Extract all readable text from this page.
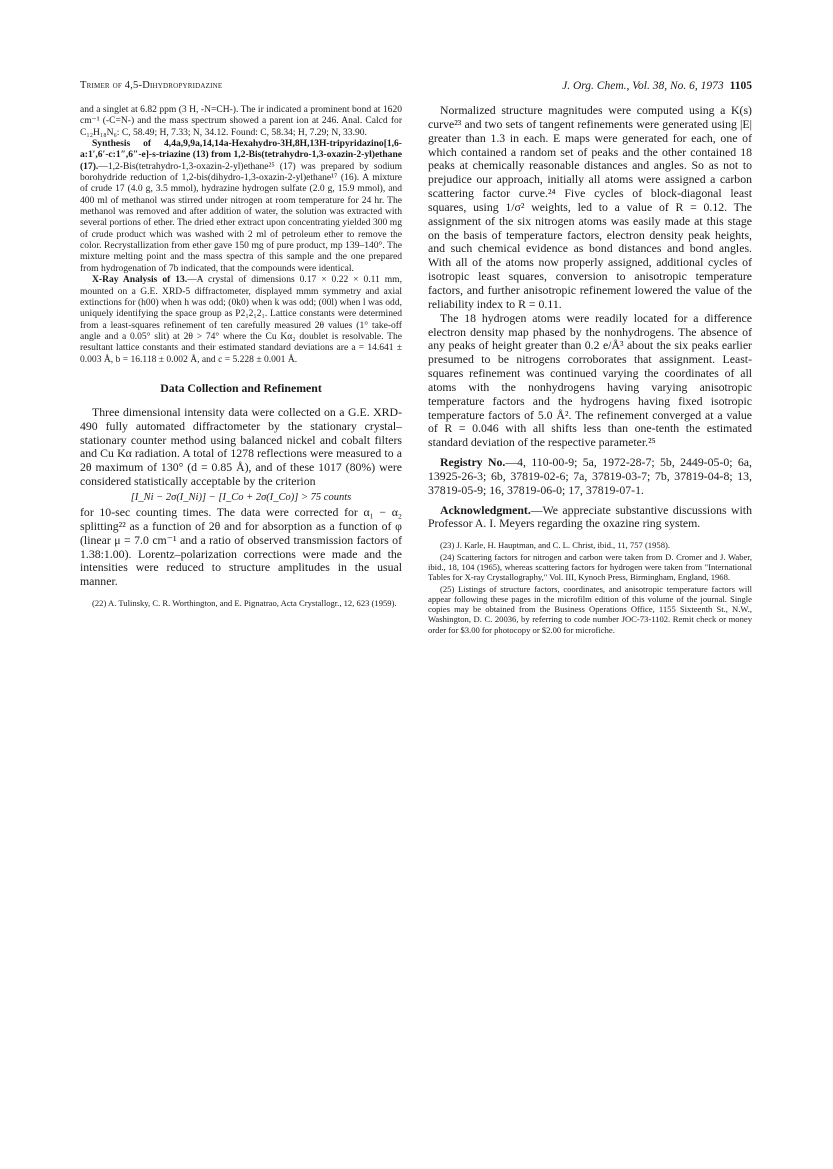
Trimer of 4,5-Dihydropyridazine	J. Org. Chem., Vol. 38, No. 6, 1973 1105

and a singlet at 6.82 ppm (3 H, -N=CH-). The ir indicated a prominent bond at 1620 cm⁻¹ (-C=N-) and the mass spectrum showed a parent ion at 246. Anal. Calcd for C₁₂H₁₈N₆: C, 58.49; H, 7.33; N, 34.12. Found: C, 58.34; H, 7.29; N, 33.90.

Synthesis of 4,4a,9,9a,14,14a-Hexahydro-3H,8H,13H-tripyridazino[1,6-a:1′,6′-c:1″,6″-e]-s-triazine (13) from 1,2-Bis(tetrahydro-1,3-oxazin-2-yl)ethane (17).—1,2-Bis(tetrahydro-1,3-oxazin-2-yl)ethane²⁵ (17) was prepared by sodium borohydride reduction of 1,2-bis(dihydro-1,3-oxazin-2-yl)ethane¹⁷ (16). A mixture of crude 17 (4.0 g, 3.5 mmol), hydrazine hydrogen sulfate (2.0 g, 15.9 mmol), and 400 ml of methanol was stirred under nitrogen at room temperature for 24 hr. The methanol was removed and after addition of water, the solution was extracted with several portions of ether. The dried ether extract upon concentrating yielded 300 mg of crude product which was washed with 2 ml of petroleum ether to remove the color. Recrystallization from ether gave 150 mg of pure product, mp 139–140°. The mixture melting point and the mass spectra of this sample and the one prepared from hydrogenation of 7b indicated, that the compounds were identical.

X-Ray Analysis of 13.—A crystal of dimensions 0.17 × 0.22 × 0.11 mm, mounted on a G.E. XRD-5 diffractometer, displayed mmm symmetry and axial extinctions for (h00) when h was odd; (0k0) when k was odd; (00l) when l was odd, uniquely identifying the space group as P2₁2₁2₁. Lattice constants were determined from a least-squares refinement of ten carefully measured 2θ values (1° take-off angle and a 0.05° slit) at 2θ > 74° where the Cu Kα₂ doublet is resolvable. The resultant lattice constants and their estimated standard deviations are a = 14.641 ± 0.003 Å, b = 16.118 ± 0.002 Å, and c = 5.228 ± 0.001 Å.

Data Collection and Refinement

Three dimensional intensity data were collected on a G.E. XRD-490 fully automated diffractometer by the stationary crystal–stationary counter method using balanced nickel and cobalt filters and Cu Kα radiation. A total of 1278 reflections were measured to a 2θ maximum of 130° (d = 0.85 Å), and of these 1017 (80%) were considered statistically acceptable by the criterion

[I_Ni − 2σ(I_Ni)] − [I_Co + 2σ(I_Co)] > 75 counts

for 10-sec counting times. The data were corrected for α₁ − α₂ splitting²² as a function of 2θ and for absorption as a function of φ (linear μ = 7.0 cm⁻¹ and a ratio of observed transmission factors of 1.38:1.00). Lorentz–polarization corrections were made and the intensities were reduced to structure amplitudes in the usual manner.

(22) A. Tulinsky, C. R. Worthington, and E. Pignatrao, Acta Crystallogr., 12, 623 (1959).

Normalized structure magnitudes were computed using a K(s) curve²³ and two sets of tangent refinements were generated using |E| greater than 1.3 in each. E maps were generated for each, one of which contained a random set of peaks and the other contained 18 peaks at chemically reasonable distances and angles. So as not to prejudice our approach, initially all atoms were assigned a carbon scattering factor curve.²⁴ Five cycles of block-diagonal least squares, using 1/σ² weights, led to a value of R = 0.12. The assignment of the six nitrogen atoms was easily made at this stage on the basis of temperature factors, electron density peak heights, and such chemical evidence as bond distances and bond angles. With all of the atoms now properly assigned, additional cycles of isotropic least squares, conversion to anisotropic temperature factors, and further anisotropic refinement lowered the value of the reliability index to R = 0.11.

The 18 hydrogen atoms were readily located for a difference electron density map phased by the nonhydrogens. The absence of any peaks of height greater than 0.2 e/Å³ about the six peaks earlier presumed to be nitrogens corroborates that assignment. Least-squares refinement was continued varying the coordinates of all atoms with the nonhydrogens having varying anisotropic temperature factors and the hydrogens having fixed isotropic temperature factors of 5.0 Å². The refinement converged at a value of R = 0.046 with all shifts less than one-tenth the estimated standard deviation of the respective parameter.²⁵

Registry No.—4, 110-00-9; 5a, 1972-28-7; 5b, 2449-05-0; 6a, 13925-26-3; 6b, 37819-02-6; 7a, 37819-03-7; 7b, 37819-04-8; 13, 37819-05-9; 16, 37819-06-0; 17, 37819-07-1.

Acknowledgment.—We appreciate substantive discussions with Professor A. I. Meyers regarding the oxazine ring system.

(23) J. Karle, H. Hauptman, and C. L. Christ, ibid., 11, 757 (1958).

(24) Scattering factors for nitrogen and carbon were taken from D. Cromer and J. Waber, ibid., 18, 104 (1965), whereas scattering factors for hydrogen were taken from "International Tables for X-ray Crystallography," Vol. III, Kynoch Press, Birmingham, England, 1968.

(25) Listings of structure factors, coordinates, and anisotropic temperature factors will appear following these pages in the microfilm edition of this volume of the journal. Single copies may be obtained from the Business Operations Office, 1155 Sixteenth St., N.W., Washington, D. C. 20036, by referring to code number JOC-73-1102. Remit check or money order for $3.00 for photocopy or $2.00 for microfiche.
